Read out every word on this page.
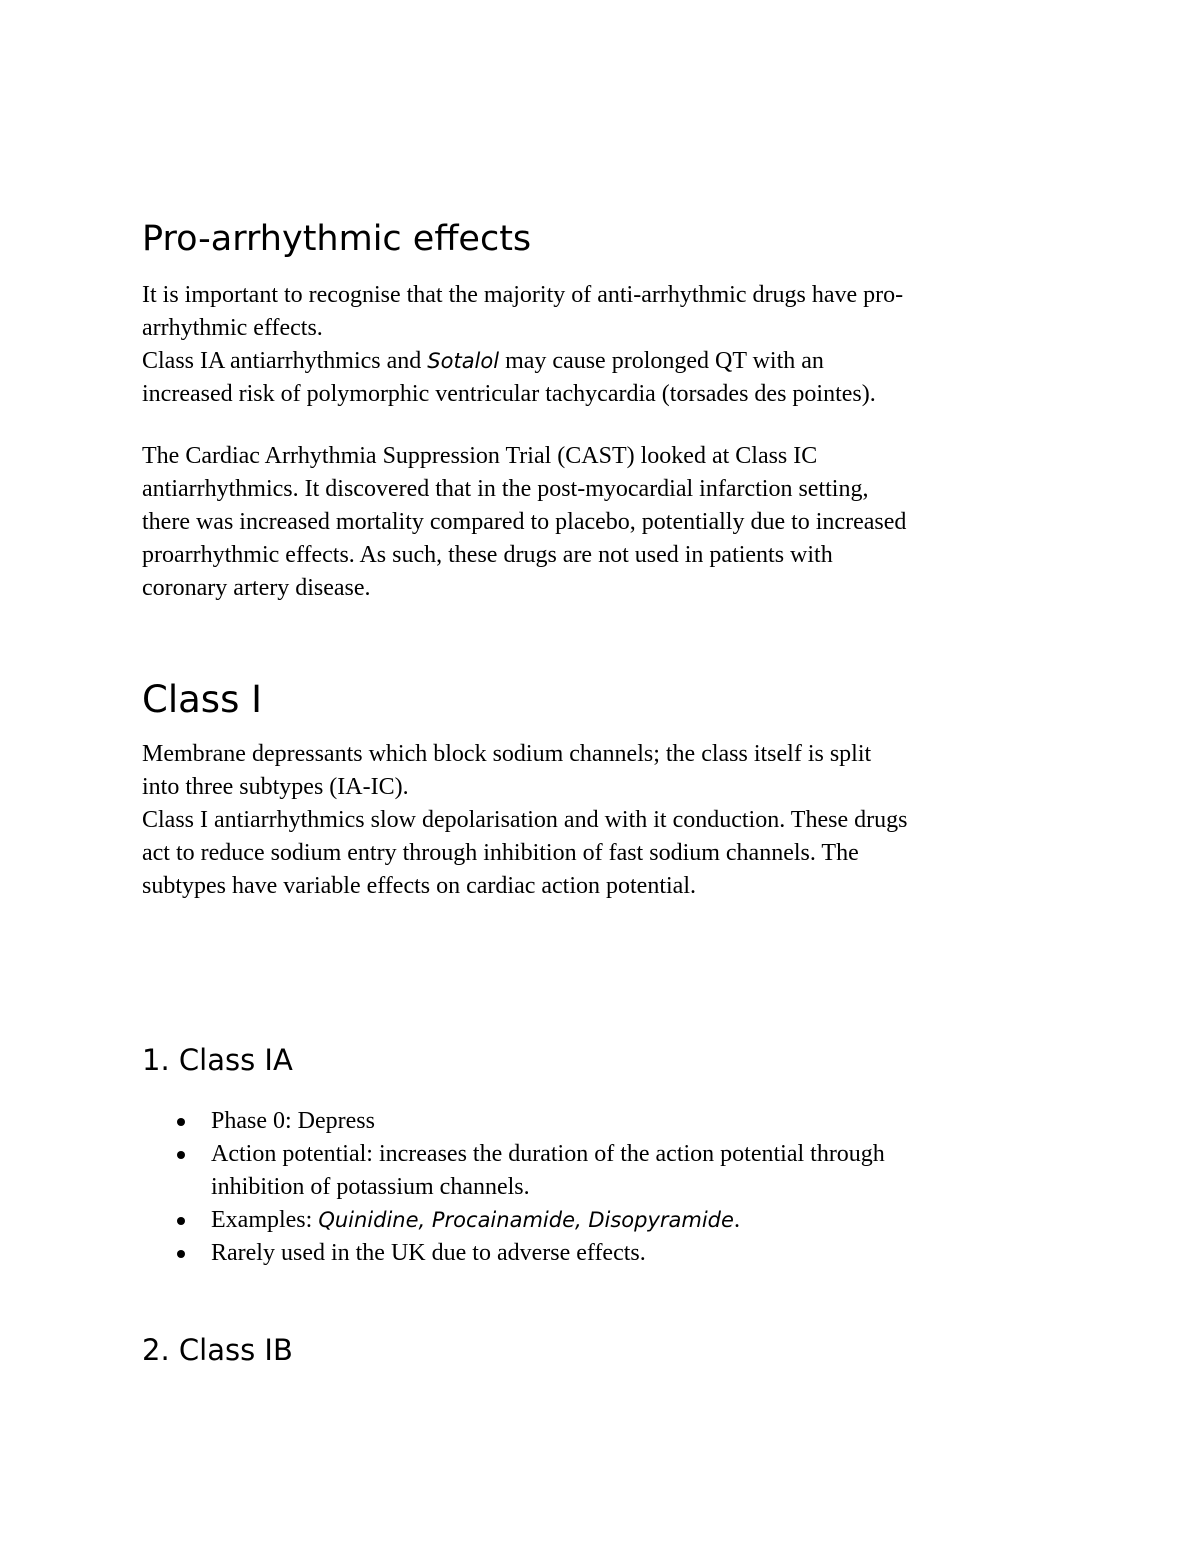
Pro-arrhythmic effects
It is important to recognise that the majority of anti-arrhythmic drugs have pro-
arrhythmic effects.
Class IA antiarrhythmics and Sotalol may cause prolonged QT with an
increased risk of polymorphic ventricular tachycardia (torsades des pointes).
The Cardiac Arrhythmia Suppression Trial (CAST) looked at Class IC
antiarrhythmics. It discovered that in the post-myocardial infarction setting,
there was increased mortality compared to placebo, potentially due to increased
proarrhythmic effects. As such, these drugs are not used in patients with
coronary artery disease.
Class I
Membrane depressants which block sodium channels; the class itself is split
into three subtypes (IA-IC).
Class I antiarrhythmics slow depolarisation and with it conduction. These drugs
act to reduce sodium entry through inhibition of fast sodium channels. The
subtypes have variable effects on cardiac action potential.
1. Class IA
Phase 0: Depress
Action potential: increases the duration of the action potential through
inhibition of potassium channels.
Examples: Quinidine, Procainamide, Disopyramide.
Rarely used in the UK due to adverse effects.
2. Class IB
